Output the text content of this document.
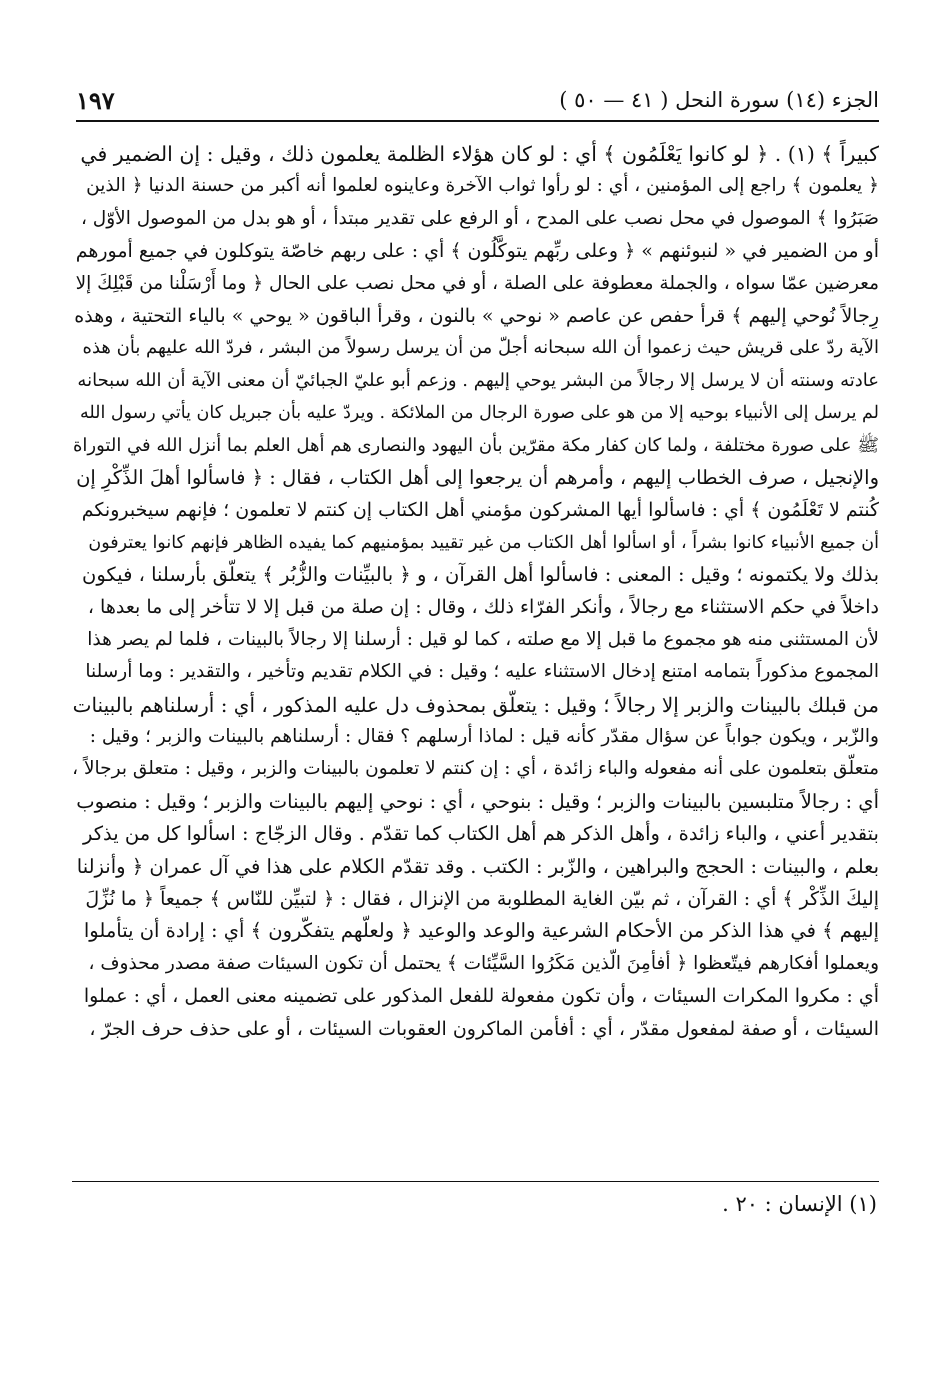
الجزء (١٤) سورة النحل ( ٤١ — ٥٠ )
١٩٧
كبيراً ﴾ (١) . ﴿ لو كانوا يَعْلَمُون ﴾ أي : لو كان هؤلاء الظلمة يعلمون ذلك ، وقيل : إن الضمير في
﴿ يعلمون ﴾ راجع إلى المؤمنين ، أي : لو رأوا ثواب الآخرة وعاينوه لعلموا أنه أكبر من حسنة الدنيا ﴿ الذين
صَبَرُوا ﴾ الموصول في محل نصب على المدح ، أو الرفع على تقدير مبتدأ ، أو هو بدل من الموصول الأوّل ،
أو من الضمير في « لنبوئنهم » ﴿ وعلى ربِّهم يتوكَّلُون ﴾ أي : على ربهم خاصّة يتوكلون في جميع أمورهم
معرضين عمّا سواه ، والجملة معطوفة على الصلة ، أو في محل نصب على الحال ﴿ وما أَرْسَلْنا من قَبْلِكَ إلا
رِجالاً نُوحي إليهم ﴾ قرأ حفص عن عاصم « نوحي » بالنون ، وقرأ الباقون « يوحي » بالياء التحتية ، وهذه
الآية ردّ على قريش حيث زعموا أن الله سبحانه أجلّ من أن يرسل رسولاً من البشر ، فردّ الله عليهم بأن هذه
عادته وسنته أن لا يرسل إلا رجالاً من البشر يوحي إليهم . وزعم أبو عليّ الجبائيّ أن معنى الآية أن الله سبحانه
لم يرسل إلى الأنبياء بوحيه إلا من هو على صورة الرجال من الملائكة . ويردّ عليه بأن جبريل كان يأتي رسول الله
ﷺ على صورة مختلفة ، ولما كان كفار مكة مقرّين بأن اليهود والنصارى هم أهل العلم بما أنزل الله في التوراة
والإنجيل ، صرف الخطاب إليهم ، وأمرهم أن يرجعوا إلى أهل الكتاب ، فقال : ﴿ فاسألوا أهلَ الذِّكْرِ إن
كُنتم لا تَعْلَمُون ﴾ أي : فاسألوا أيها المشركون مؤمني أهل الكتاب إن كنتم لا تعلمون ؛ فإنهم سيخبرونكم
أن جميع الأنبياء كانوا بشراً ، أو اسألوا أهل الكتاب من غير تقييد بمؤمنيهم كما يفيده الظاهر فإنهم كانوا يعترفون
بذلك ولا يكتمونه ؛ وقيل : المعنى : فاسألوا أهل القرآن ، و ﴿ بالبيِّنات والزُّبُر ﴾ يتعلّق بأرسلنا ، فيكون
داخلاً في حكم الاستثناء مع رجالاً ، وأنكر الفرّاء ذلك ، وقال : إن صلة من قبل إلا لا تتأخر إلى ما بعدها ،
لأن المستثنى منه هو مجموع ما قبل إلا مع صلته ، كما لو قيل : أرسلنا إلا رجالاً بالبينات ، فلما لم يصر هذا
المجموع مذكوراً بتمامه امتنع إدخال الاستثناء عليه ؛ وقيل : في الكلام تقديم وتأخير ، والتقدير : وما أرسلنا
من قبلك بالبينات والزبر إلا رجالاً ؛ وقيل : يتعلّق بمحذوف دل عليه المذكور ، أي : أرسلناهم بالبينات
والزّبر ، ويكون جواباً عن سؤال مقدّر كأنه قيل : لماذا أرسلهم ؟ فقال : أرسلناهم بالبينات والزبر ؛ وقيل :
متعلّق بتعلمون على أنه مفعوله والباء زائدة ، أي : إن كنتم لا تعلمون بالبينات والزبر ، وقيل : متعلق برجالاً ،
أي : رجالاً متلبسين بالبينات والزبر ؛ وقيل : بنوحي ، أي : نوحي إليهم بالبينات والزبر ؛ وقيل : منصوب
بتقدير أعني ، والباء زائدة ، وأهل الذكر هم أهل الكتاب كما تقدّم . وقال الزجّاج : اسألوا كل من يذكر
بعلم ، والبينات : الحجج والبراهين ، والزّبر : الكتب . وقد تقدّم الكلام على هذا في آل عمران ﴿ وأنزلنا
إليكَ الذِّكْر ﴾ أي : القرآن ، ثم بيّن الغاية المطلوبة من الإنزال ، فقال : ﴿ لتبيِّن للنّاس ﴾ جميعاً ﴿ ما نُزِّلَ
إليهم ﴾ في هذا الذكر من الأحكام الشرعية والوعد والوعيد ﴿ ولعلّهم يتفكّرون ﴾ أي : إرادة أن يتأملوا
ويعملوا أفكارهم فيتّعظوا ﴿ أفأمِنَ الّذين مَكَرُوا السَّيِّئات ﴾ يحتمل أن تكون السيئات صفة مصدر محذوف ،
أي : مكروا المكرات السيئات ، وأن تكون مفعولة للفعل المذكور على تضمينه معنى العمل ، أي : عملوا
السيئات ، أو صفة لمفعول مقدّر ، أي : أفأمن الماكرون العقوبات السيئات ، أو على حذف حرف الجرّ ،
(١) الإنسان : ٢٠ .
